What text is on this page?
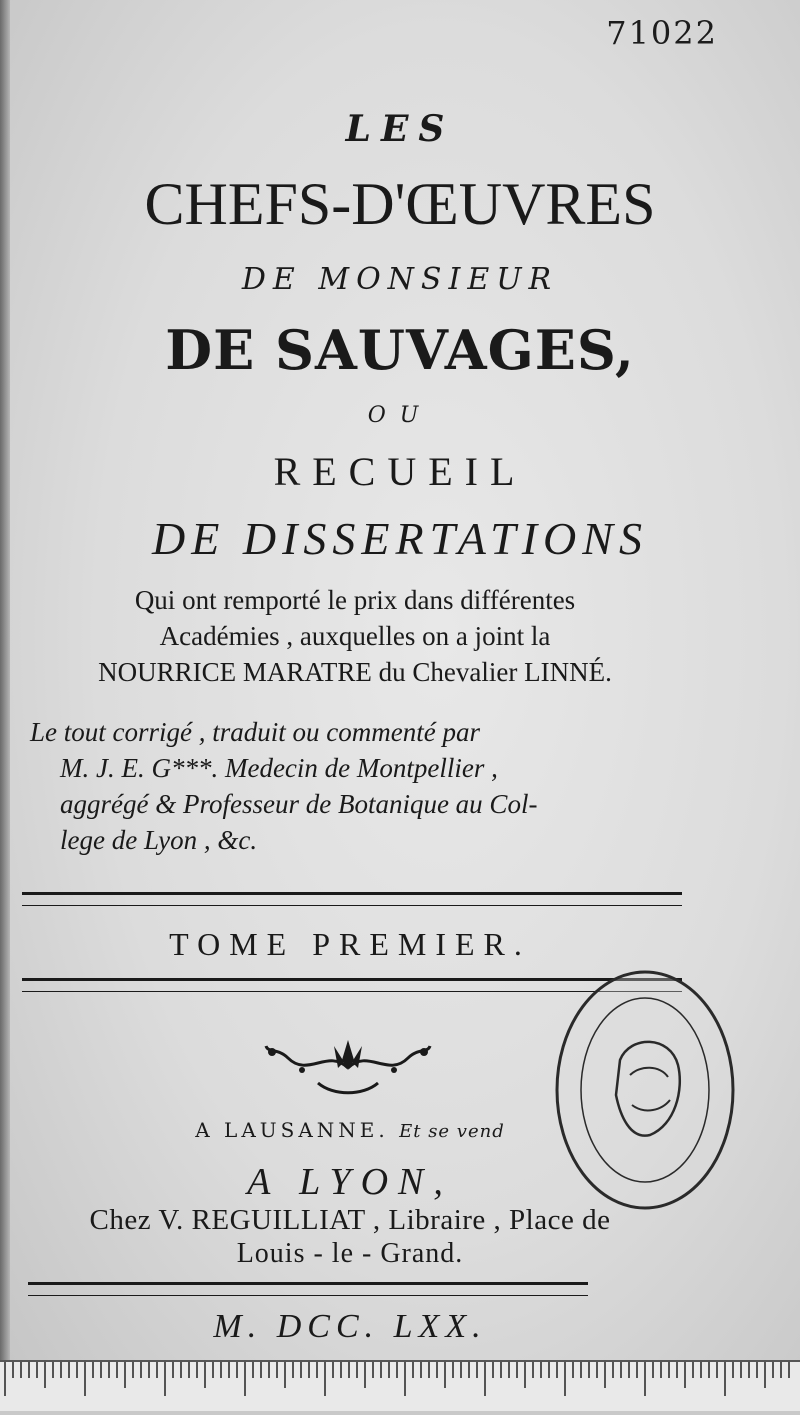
71022
LES
CHEFS-D'ŒUVRES
DE MONSIEUR
DE SAUVAGES,
OU
RECUEIL
DE DISSERTATIONS
Qui ont remporté le prix dans différentes
Académies , auxquelles on a joint la
NOURRICE MARATRE du Chevalier LINNÉ.
Le tout corrigé , traduit ou commenté par
M. J. E. G***. Medecin de Montpellier ,
aggrégé & Professeur de Botanique au Col-
lege de Lyon , &c.
TOME PREMIER.
A LAUSANNE. Et se vend
A LYON,
Chez V. REGUILLIAT , Libraire , Place de
Louis - le - Grand.
M. DCC. LXX.
